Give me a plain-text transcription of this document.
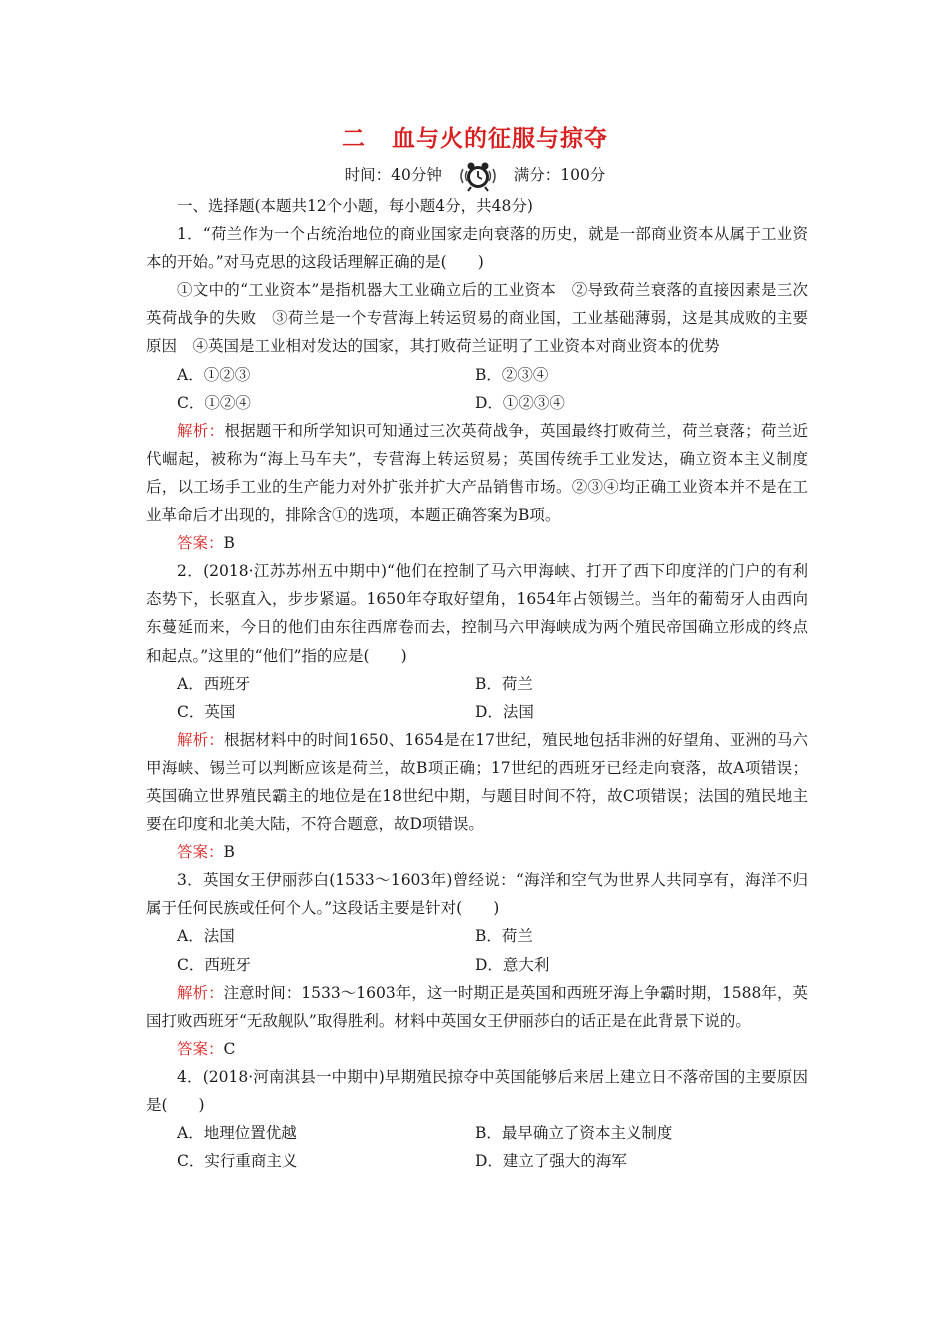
二 血与火的征服与掠夺
时间：40分钟	满分：100分
一、选择题(本题共12个小题，每小题4分，共48分)
1．“荷兰作为一个占统治地位的商业国家走向衰落的历史，就是一部商业资本从属于工业资本的开始。”对马克思的这段话理解正确的是(　　)
①文中的“工业资本”是指机器大工业确立后的工业资本　②导致荷兰衰落的直接因素是三次英荷战争的失败　③荷兰是一个专营海上转运贸易的商业国，工业基础薄弱，这是其成败的主要原因　④英国是工业相对发达的国家，其打败荷兰证明了工业资本对商业资本的优势
A．①②③	B．②③④
C．①②④	D．①②③④
解析：根据题干和所学知识可知通过三次英荷战争，英国最终打败荷兰，荷兰衰落；荷兰近代崛起，被称为“海上马车夫”，专营海上转运贸易；英国传统手工业发达，确立资本主义制度后，以工场手工业的生产能力对外扩张并扩大产品销售市场。②③④均正确工业资本并不是在工业革命后才出现的，排除含①的选项，本题正确答案为B项。
答案：B
2．(2018·江苏苏州五中期中)“他们在控制了马六甲海峡、打开了西下印度洋的门户的有利态势下，长驱直入，步步紧逼。1650年夺取好望角，1654年占领锡兰。当年的葡萄牙人由西向东蔓延而来，今日的他们由东往西席卷而去，控制马六甲海峡成为两个殖民帝国确立形成的终点和起点。”这里的“他们”指的应是(　　)
A．西班牙	B．荷兰
C．英国	D．法国
解析：根据材料中的时间1650、1654是在17世纪，殖民地包括非洲的好望角、亚洲的马六甲海峡、锡兰可以判断应该是荷兰，故B项正确；17世纪的西班牙已经走向衰落，故A项错误；英国确立世界殖民霸主的地位是在18世纪中期，与题目时间不符，故C项错误；法国的殖民地主要在印度和北美大陆，不符合题意，故D项错误。
答案：B
3．英国女王伊丽莎白(1533～1603年)曾经说：“海洋和空气为世界人共同享有，海洋不归属于任何民族或任何个人。”这段话主要是针对(　　)
A．法国	B．荷兰
C．西班牙	D．意大利
解析：注意时间：1533～1603年，这一时期正是英国和西班牙海上争霸时期，1588年，英国打败西班牙“无敌舰队”取得胜利。材料中英国女王伊丽莎白的话正是在此背景下说的。
答案：C
4．(2018·河南淇县一中期中)早期殖民掠夺中英国能够后来居上建立日不落帝国的主要原因是(　　)
A．地理位置优越	B．最早确立了资本主义制度
C．实行重商主义	D．建立了强大的海军
